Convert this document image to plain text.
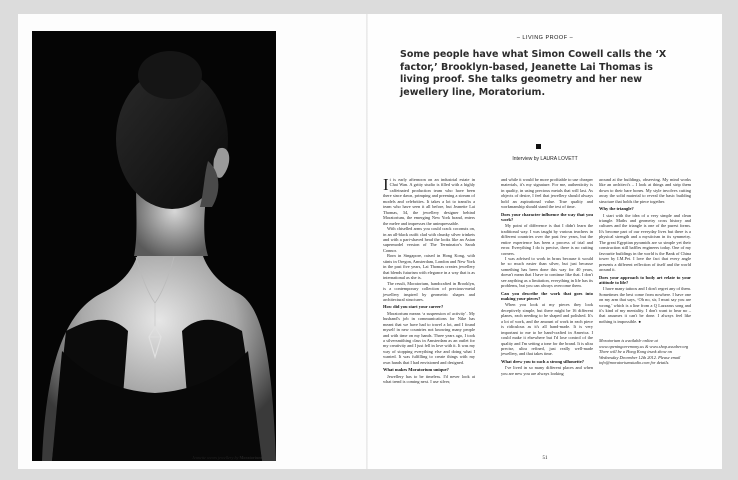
Jeanette wears jewellery by Moratorium
– LIVING PROOF –

Some people have what Simon Cowell calls the ‘X factor,’ Brooklyn-based, Jeanette Lai Thomas is living proof. She talks geometry and her new jewellery line, Moratorium.

Interview by LAURA LOVETT

It is early afternoon on an industrial estate in Chai Wan. A gritty studio is filled with a highly caffeinated production team who have been there since dawn, primping and preening a stream of models and celebrities. It takes a lot to transfix a team who have seen it all before, but Jeanette Lai Thomas, 34, the jewellery designer behind Moratorium, the emerging New York brand, enters the melee and impresses the unimpressable.

With chiselled arms you could crack coconuts on, in an all-black outfit clad with chunky silver trinkets and with a part-shaved head the looks like an Asian supermodel version of The Terminator's Sarah Connor.

Born in Singapore, raised in Hong Kong, with stints in Oregon, Amsterdam, London and New York in the past five years, Lai Thomas creates jewellery that blends futurism with elegance in a way that is as international as she is.

The result, Moratorium, handcrafted in Brooklyn, is a contemporary collection of precious-metal jewellery inspired by geometric shapes and architectural structures.

How did you start your career?

Moratorium means ‘a suspension of activity’. My husband's job in communications for Nike has meant that we have had to travel a lot, and I found myself in new countries not knowing many people and with time on my hands. Three years ago, I took a silversmithing class in Amsterdam as an outlet for my creativity and I just fell in love with it. It was my way of stopping everything else and doing what I wanted. It was fulfilling to create things with my own hands that I had envisioned and designed.

What makes Moratorium unique?

Jewellery has to be timeless. I'd never look at what trend is coming next. I use silver,

and while it would be more profitable to use cheaper materials, it's my signature. For me, authenticity is in quality, in using precious metals that will last. As objects of desire, I feel that jewellery should always hold an aspirational value. True quality and workmanship should stand the test of time.

Does your character influence the way that you work?

My point of difference is that I didn't learn the traditional way. I was taught by various teachers in different countries over the past few years, but the entire experience has been a process of trial and error. Everything I do is precise, there is no cutting corners.

I was advised to work in brass because it would be so much easier than silver, but just because something has been done this way for 40 years, doesn't mean that I have to continue like that. I don't see anything as a limitation, everything in life has its problems, but you can always overcome them.

Can you describe the work that goes into making your pieces?

When you look at my pieces they look deceptively simple, but there might be 16 different planes, each needing to be shaped and polished. It's a lot of work, and the amount of work in each piece is ridiculous as it's all hand-made. It is very important to me to be hand-crafted in America. I could make it elsewhere but I'd lose control of the quality and I'm setting a tone for the brand. It is ultra precise, ultra refined, just really well-made jewellery, and that takes time.

What drew you to such a strong silhouette?

I've lived in so many different places and when you are new you are always looking

around at the buildings, observing. My mind works like an architect's – I look at things and strip them down to their bare bones. My style involves cutting away the solid material to reveal the basic building structure that holds the piece together.

Why the triangle?

I start with the idea of a very simple and clean triangle. Maths and geometry cross history and cultures and the triangle is one of the purest forms. It's become part of our everyday lives but there is a physical strength and a mysticism in its symmetry. The great Egyptian pyramids are so simple yet their construction still baffles engineers today. One of my favourite buildings in the world is the Bank of China tower by I.M.Pei. I love the fact that every angle presents a different reflection of itself and the world around it.

Does your approach to body art relate to your attitude to life?

I have many tattoos and I don't regret any of them. Sometimes the best come from nowhere. I have one on my arm that says, ‘Oh no, sir, I must say you are wrong,’ which is a line from a Q Lazzarus song and it's kind of my mentality. I don't want to hear no – that assumes it can't be done. I always feel like nothing is impossible. ●

Moratorium is available online at www.openingceremony.us & www.shop.assober.org There will be a Hong Kong trunk show on Wednesday December 12th 2012. Please email info@moratoriumstudio.com for details.

51
